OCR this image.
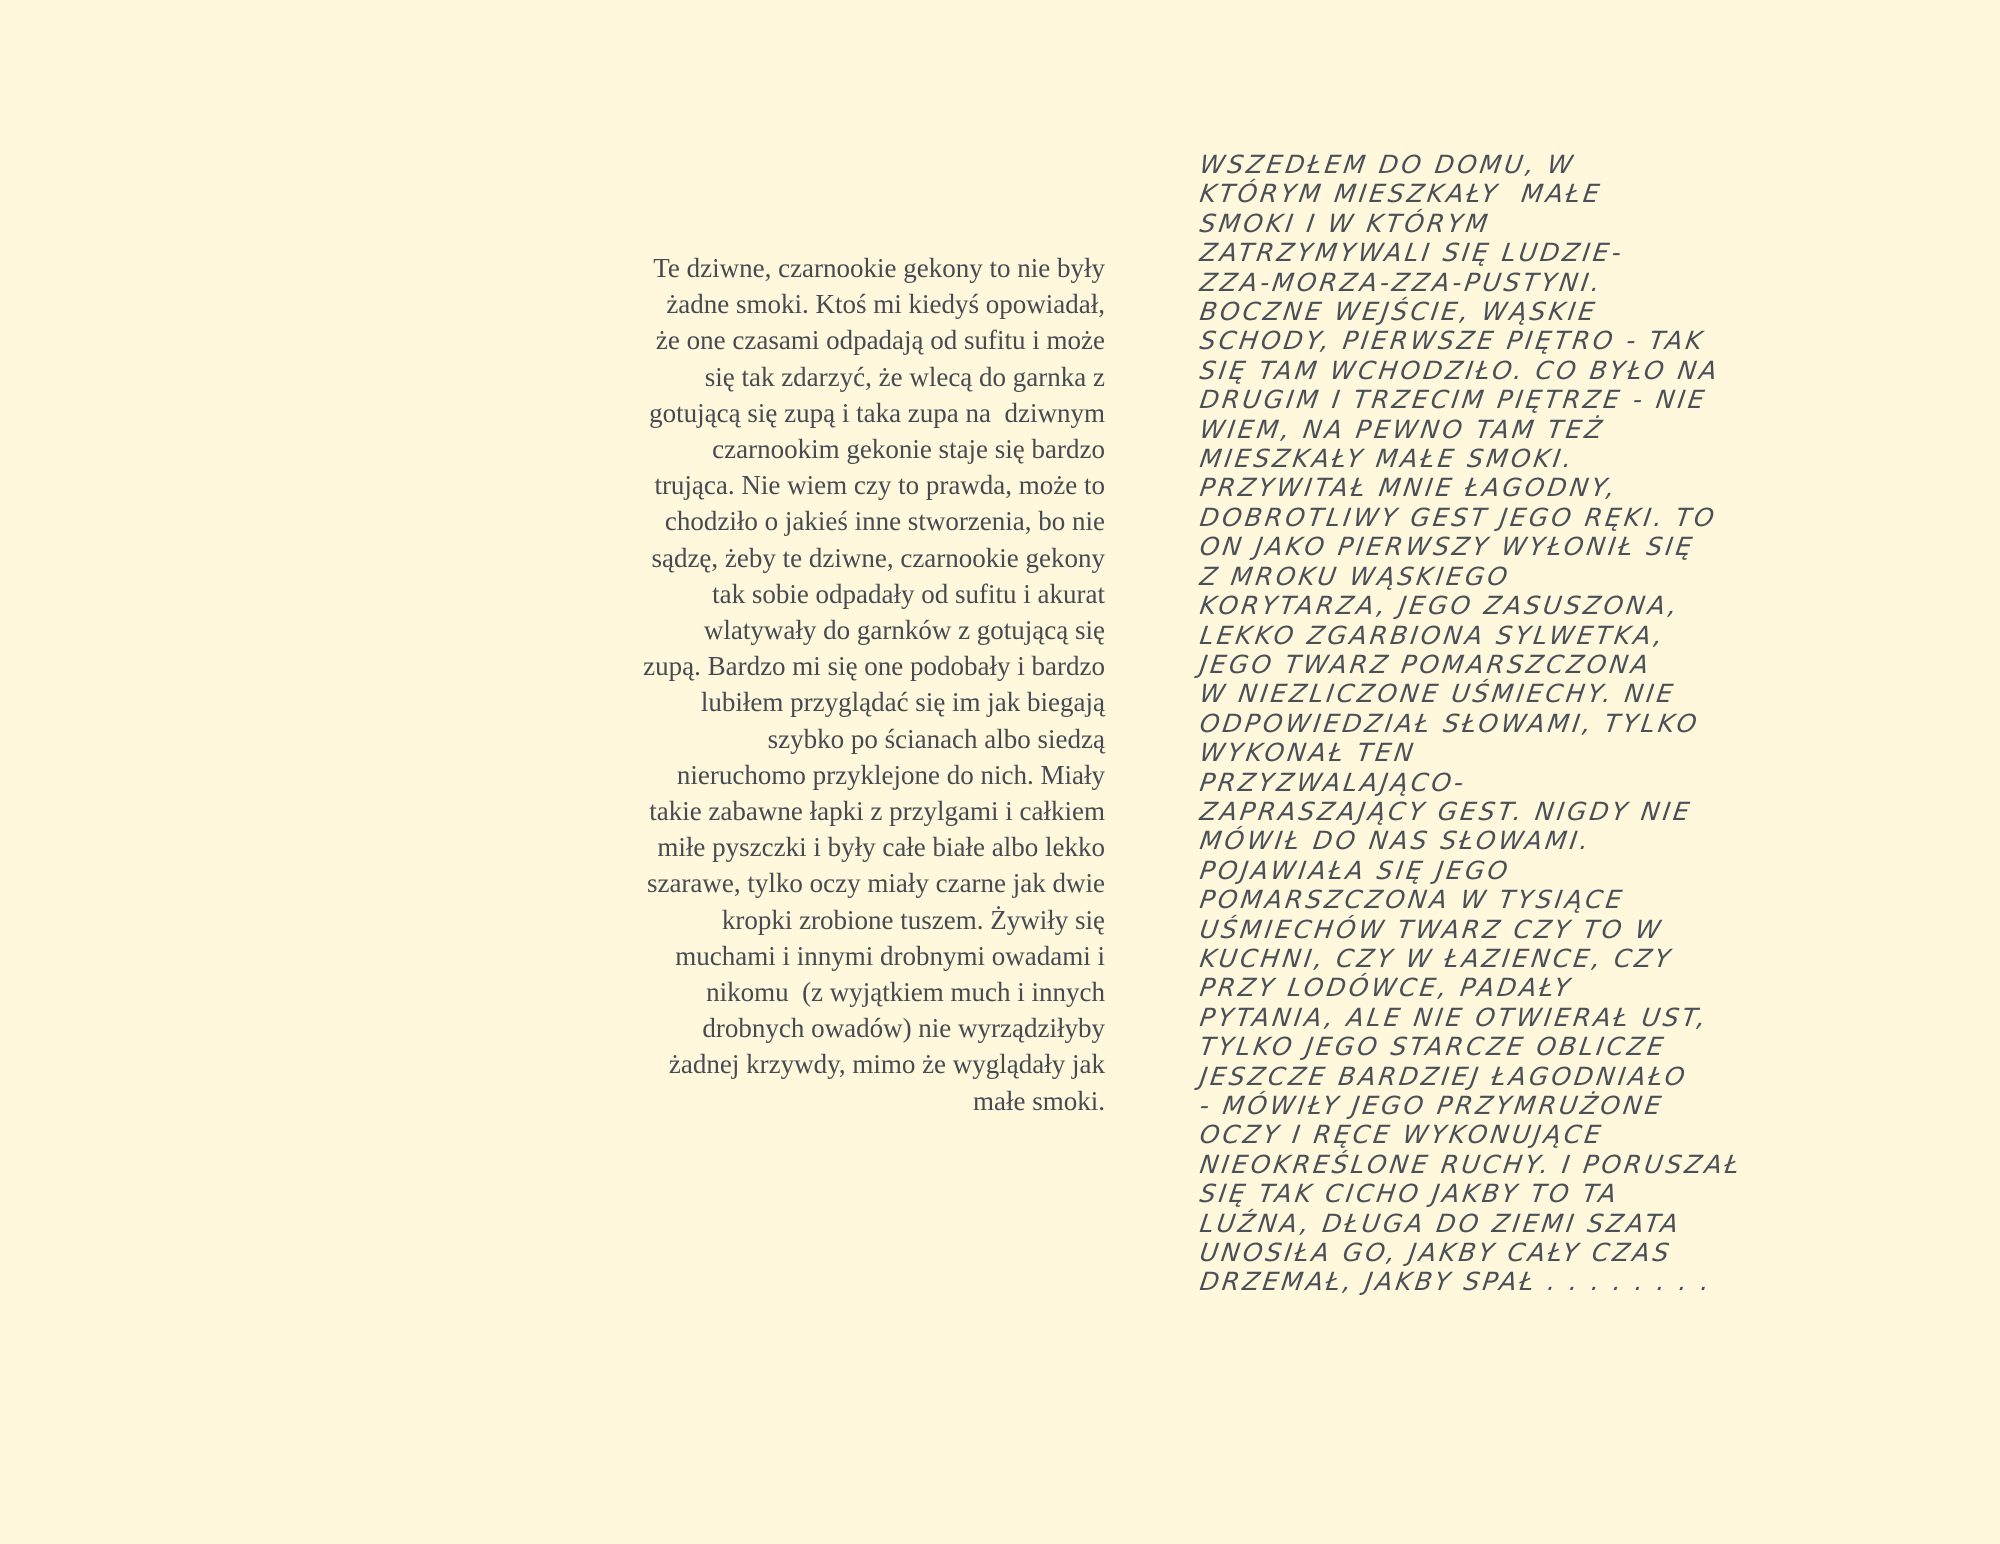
Te dziwne, czarnookie gekony to nie były
żadne smoki. Ktoś mi kiedyś opowiadał,
że one czasami odpadają od sufitu i może
się tak zdarzyć, że wlecą do garnka z
gotującą się zupą i taka zupa na  dziwnym
czarnookim gekonie staje się bardzo
trująca. Nie wiem czy to prawda, może to
chodziło o jakieś inne stworzenia, bo nie
sądzę, żeby te dziwne, czarnookie gekony
tak sobie odpadały od sufitu i akurat
wlatywały do garnków z gotującą się
zupą. Bardzo mi się one podobały i bardzo
lubiłem przyglądać się im jak biegają
szybko po ścianach albo siedzą
nieruchomo przyklejone do nich. Miały
takie zabawne łapki z przylgami i całkiem
miłe pyszczki i były całe białe albo lekko
szarawe, tylko oczy miały czarne jak dwie
kropki zrobione tuszem. Żywiły się
muchami i innymi drobnymi owadami i
nikomu  (z wyjątkiem much i innych
drobnych owadów) nie wyrządziłyby
żadnej krzywdy, mimo że wyglądały jak
małe smoki.
WSZEDŁEM DO DOMU, W
KTÓRYM MIESZKAŁY  MAŁE
SMOKI I W KTÓRYM
ZATRZYMYWALI SIĘ LUDZIE-
ZZA-MORZA-ZZA-PUSTYNI.
BOCZNE WEJŚCIE, WĄSKIE
SCHODY, PIERWSZE PIĘTRO - TAK
SIĘ TAM WCHODZIŁO. CO BYŁO NA
DRUGIM I TRZECIM PIĘTRZE - NIE
WIEM, NA PEWNO TAM TEŻ
MIESZKAŁY MAŁE SMOKI.
PRZYWITAŁ MNIE ŁAGODNY,
DOBROTLIWY GEST JEGO RĘKI. TO
ON JAKO PIERWSZY WYŁONIŁ SIĘ
Z MROKU WĄSKIEGO
KORYTARZA, JEGO ZASUSZONA,
LEKKO ZGARBIONA SYLWETKA,
JEGO TWARZ POMARSZCZONA
W NIEZLICZONE UŚMIECHY. NIE
ODPOWIEDZIAŁ SŁOWAMI, TYLKO
WYKONAŁ TEN
PRZYZWALAJĄCO-
ZAPRASZAJĄCY GEST. NIGDY NIE
MÓWIŁ DO NAS SŁOWAMI.
POJAWIAŁA SIĘ JEGO
POMARSZCZONA W TYSIĄCE
UŚMIECHÓW TWARZ CZY TO W
KUCHNI, CZY W ŁAZIENCE, CZY
PRZY LODÓWCE, PADAŁY
PYTANIA, ALE NIE OTWIERAŁ UST,
TYLKO JEGO STARCZE OBLICZE
JESZCZE BARDZIEJ ŁAGODNIAŁO
- MÓWIŁY JEGO PRZYMRUŻONE
OCZY I RĘCE WYKONUJĄCE
NIEOKREŚLONE RUCHY. I PORUSZAŁ
SIĘ TAK CICHO JAKBY TO TA
LUŹNA, DŁUGA DO ZIEMI SZATA
UNOSIŁA GO, JAKBY CAŁY CZAS
DRZEMAŁ, JAKBY SPAŁ . . . . . . . .
